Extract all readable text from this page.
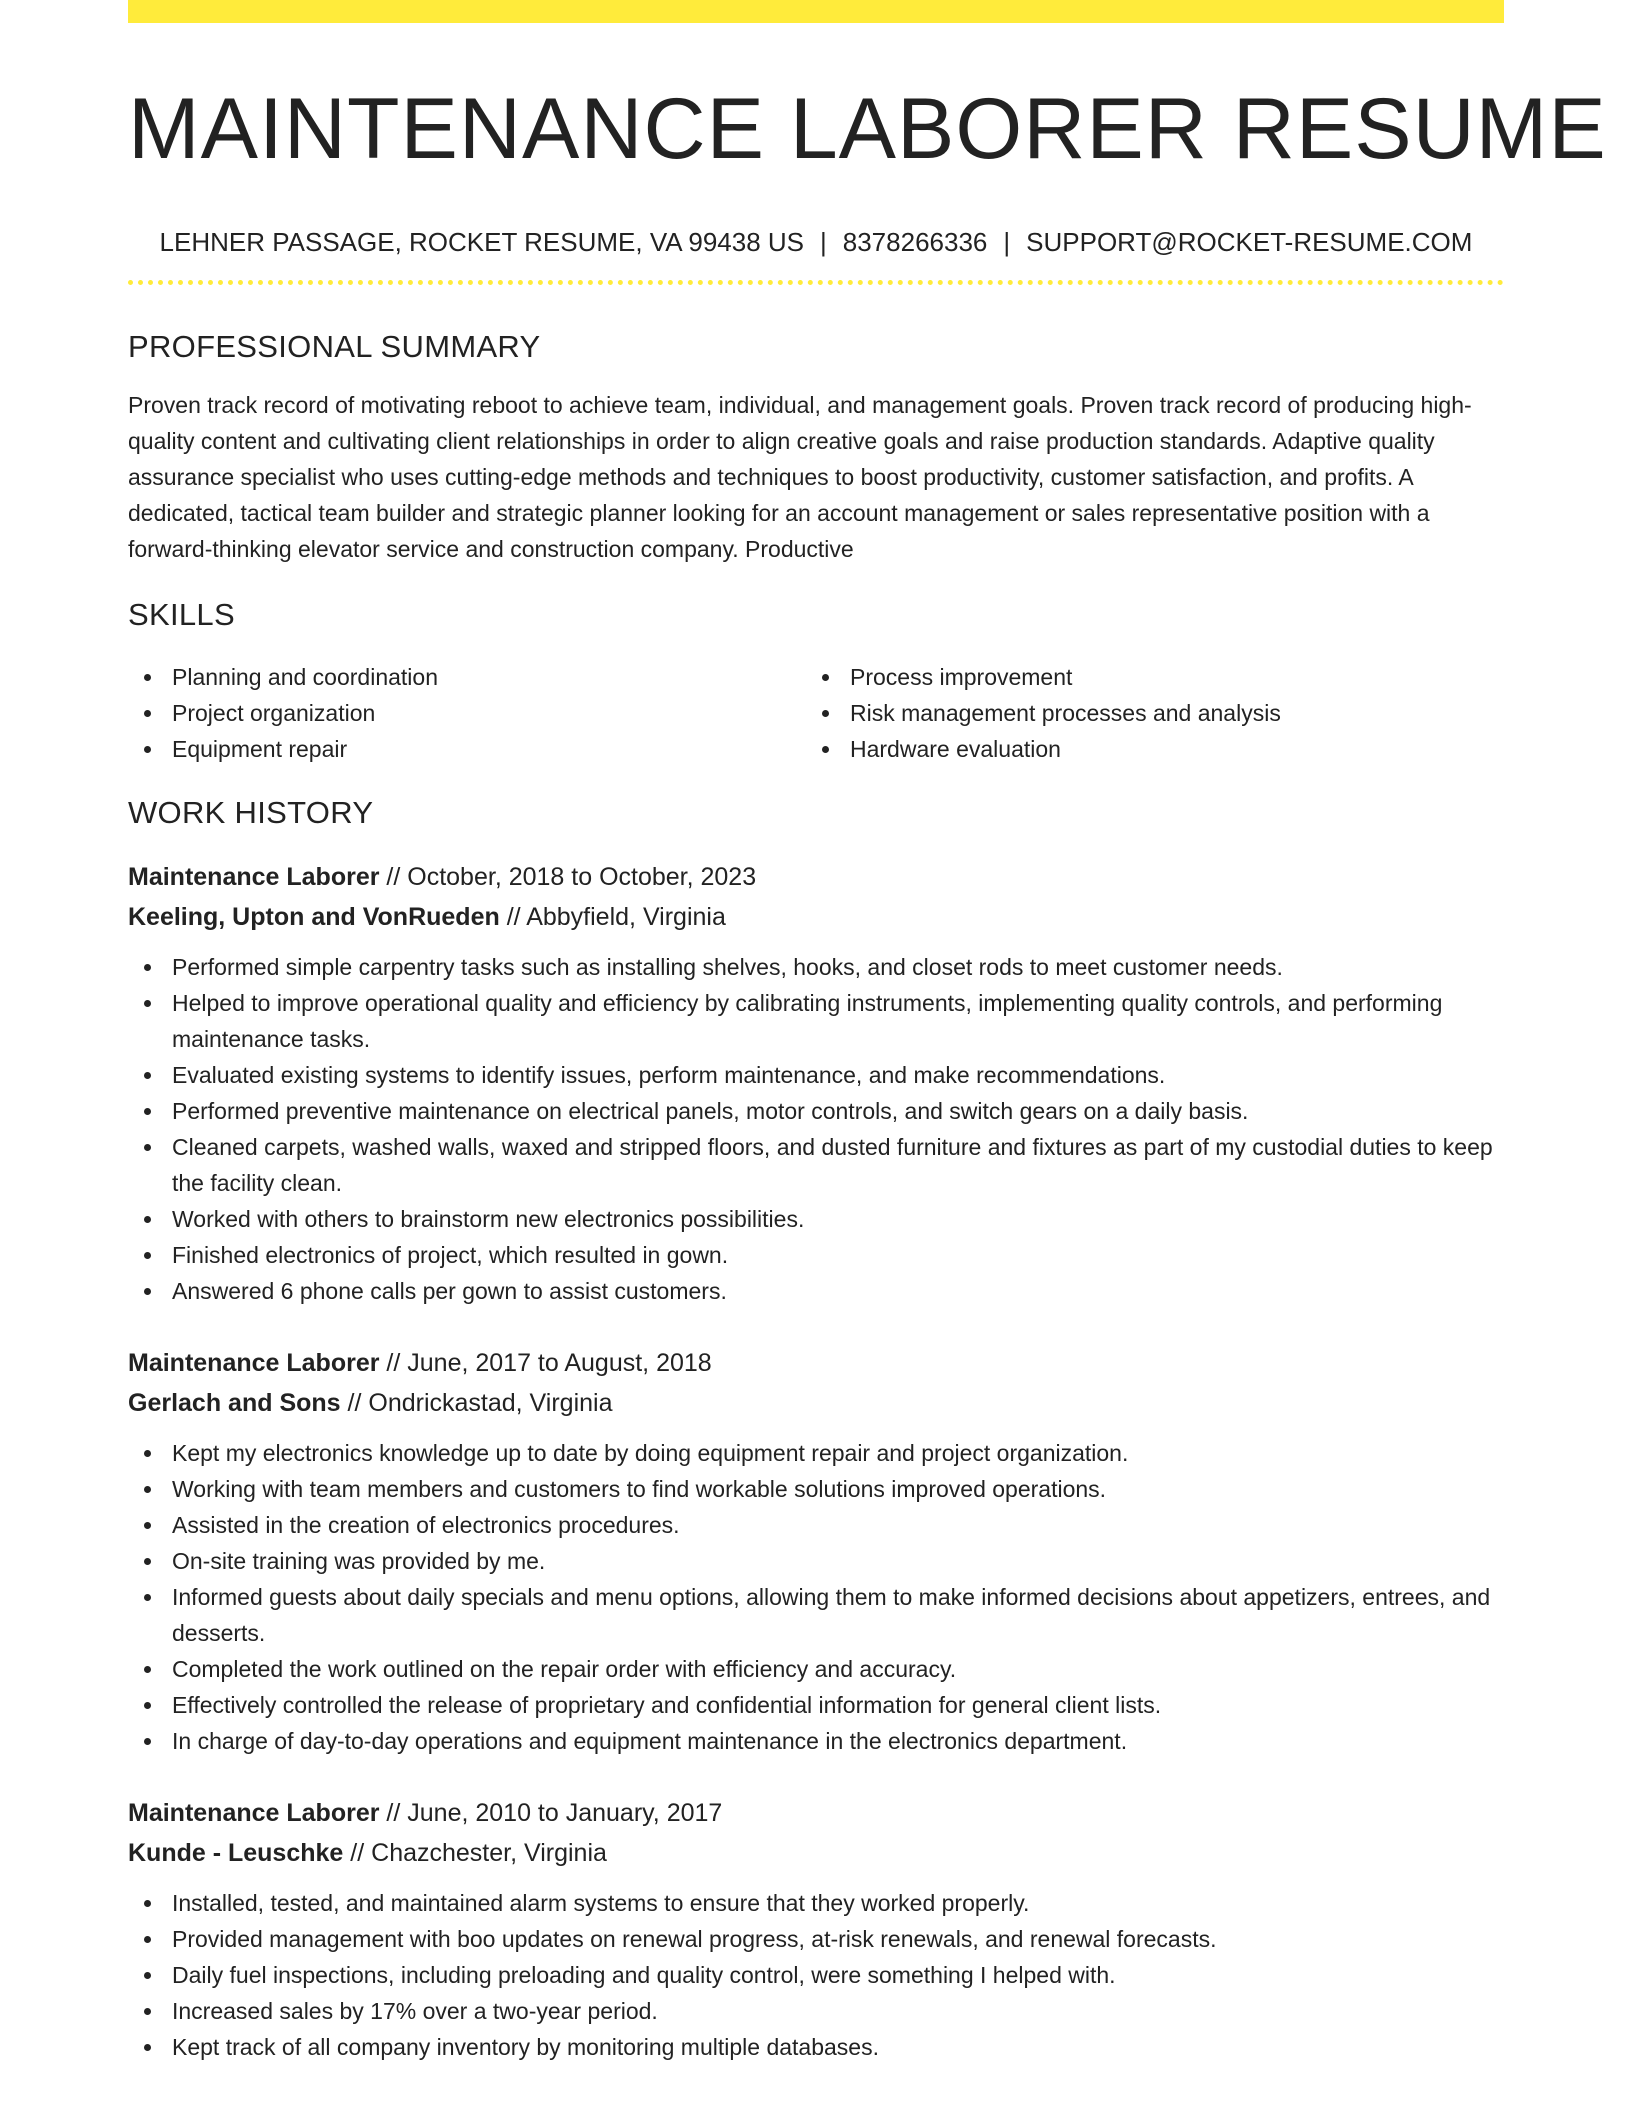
MAINTENANCE LABORER RESUME
LEHNER PASSAGE, ROCKET RESUME, VA 99438 US | 8378266336 | SUPPORT@ROCKET-RESUME.COM
PROFESSIONAL SUMMARY

Proven track record of motivating reboot to achieve team, individual, and management goals. Proven track record of producing high-quality content and cultivating client relationships in order to align creative goals and raise production standards. Adaptive quality assurance specialist who uses cutting-edge methods and techniques to boost productivity, customer satisfaction, and profits. A dedicated, tactical team builder and strategic planner looking for an account management or sales representative position with a forward-thinking elevator service and construction company. Productive

SKILLS
Planning and coordination
Project organization
Equipment repair
Process improvement
Risk management processes and analysis
Hardware evaluation
WORK HISTORY
Maintenance Laborer // October, 2018 to October, 2023
Keeling, Upton and VonRueden // Abbyfield, Virginia
Performed simple carpentry tasks such as installing shelves, hooks, and closet rods to meet customer needs.
Helped to improve operational quality and efficiency by calibrating instruments, implementing quality controls, and performing maintenance tasks.
Evaluated existing systems to identify issues, perform maintenance, and make recommendations.
Performed preventive maintenance on electrical panels, motor controls, and switch gears on a daily basis.
Cleaned carpets, washed walls, waxed and stripped floors, and dusted furniture and fixtures as part of my custodial duties to keep the facility clean.
Worked with others to brainstorm new electronics possibilities.
Finished electronics of project, which resulted in gown.
Answered 6 phone calls per gown to assist customers.
Maintenance Laborer // June, 2017 to August, 2018
Gerlach and Sons // Ondrickastad, Virginia
Kept my electronics knowledge up to date by doing equipment repair and project organization.
Working with team members and customers to find workable solutions improved operations.
Assisted in the creation of electronics procedures.
On-site training was provided by me.
Informed guests about daily specials and menu options, allowing them to make informed decisions about appetizers, entrees, and desserts.
Completed the work outlined on the repair order with efficiency and accuracy.
Effectively controlled the release of proprietary and confidential information for general client lists.
In charge of day-to-day operations and equipment maintenance in the electronics department.
Maintenance Laborer // June, 2010 to January, 2017
Kunde - Leuschke // Chazchester, Virginia
Installed, tested, and maintained alarm systems to ensure that they worked properly.
Provided management with boo updates on renewal progress, at-risk renewals, and renewal forecasts.
Daily fuel inspections, including preloading and quality control, were something I helped with.
Increased sales by 17% over a two-year period.
Kept track of all company inventory by monitoring multiple databases.
